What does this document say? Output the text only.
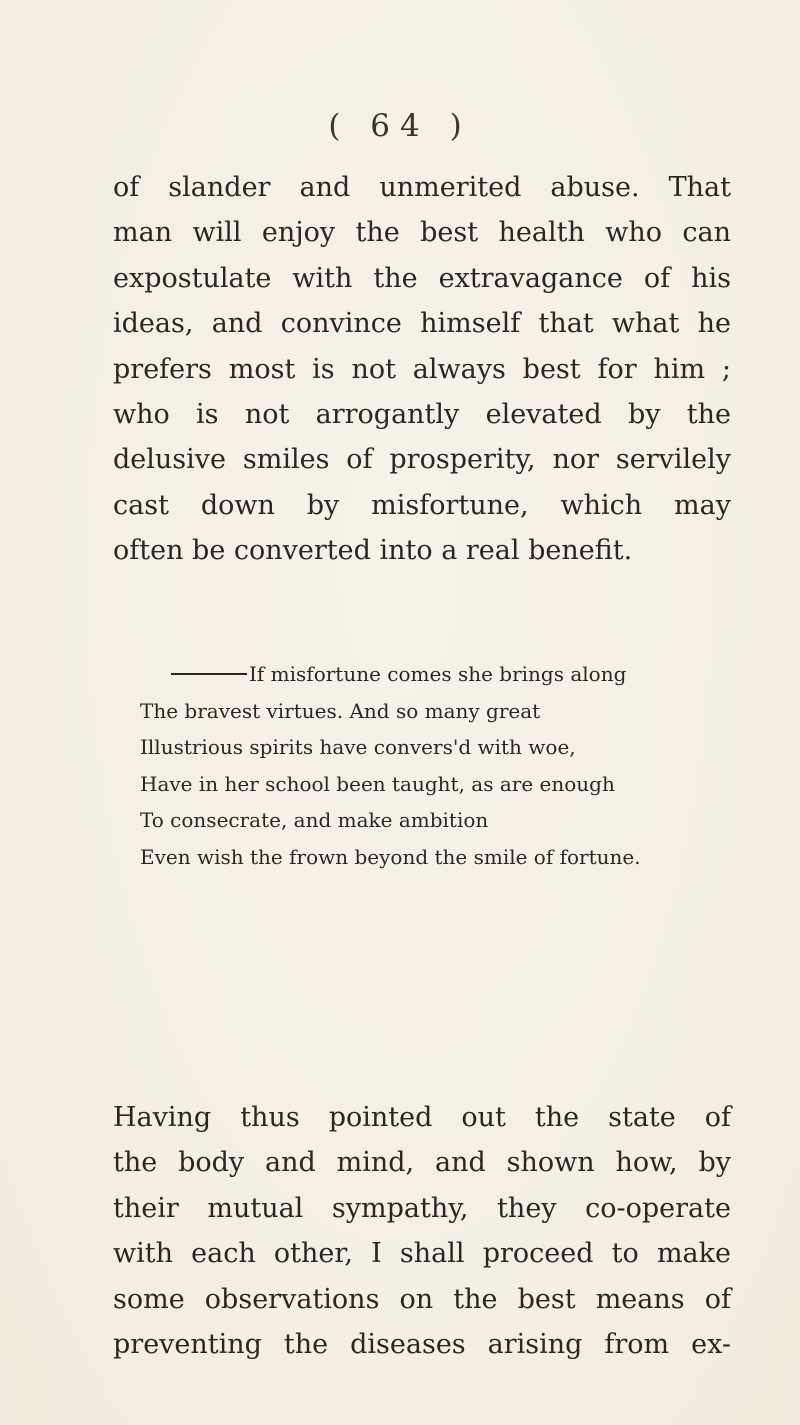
( 64 )
of slander and unmerited abuse. That
man will enjoy the best health who can
expostulate with the extravagance of his
ideas, and convince himself that what he
prefers most is not always best for him ;
who is not arrogantly elevated by the
delusive smiles of prosperity, nor servilely
cast down by misfortune, which may
often be converted into a real benefit.
If misfortune comes she brings along
The bravest virtues. And so many great
Illustrious spirits have convers'd with woe,
Have in her school been taught, as are enough
To consecrate, and make ambition
Even wish the frown beyond the smile of fortune.
Having thus pointed out the state of
the body and mind, and shown how, by
their mutual sympathy, they co-operate
with each other, I shall proceed to make
some observations on the best means of
preventing the diseases arising from ex-
